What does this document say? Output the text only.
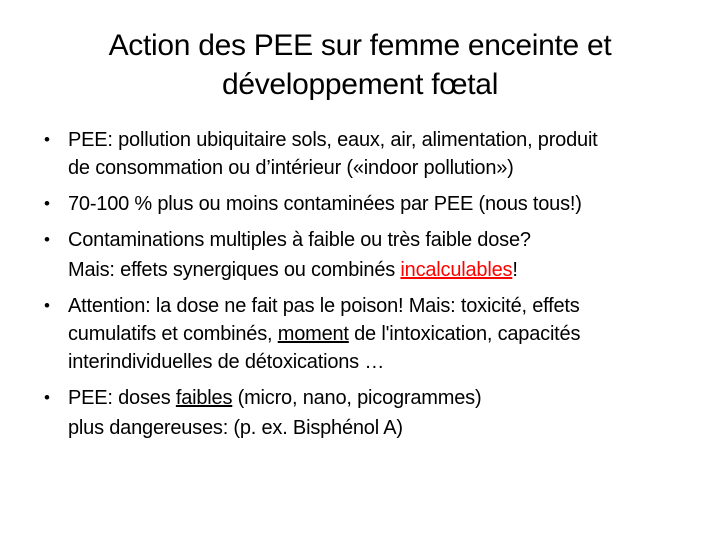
Action des PEE sur femme enceinte et
développement fœtal
• PEE: pollution ubiquitaire sols, eaux, air, alimentation, produit
de consommation ou d’intérieur («indoor pollution»)
• 70-100 % plus ou moins contaminées par PEE (nous tous!)
• Contaminations multiples à faible ou très faible dose?
Mais: effets synergiques ou combinés incalculables!
• Attention: la dose ne fait pas le poison! Mais: toxicité, effets
cumulatifs et combinés, moment de l'intoxication, capacités
interindividuelles de détoxications …
• PEE: doses faibles (micro, nano, picogrammes)
plus dangereuses: (p. ex. Bisphénol A)
